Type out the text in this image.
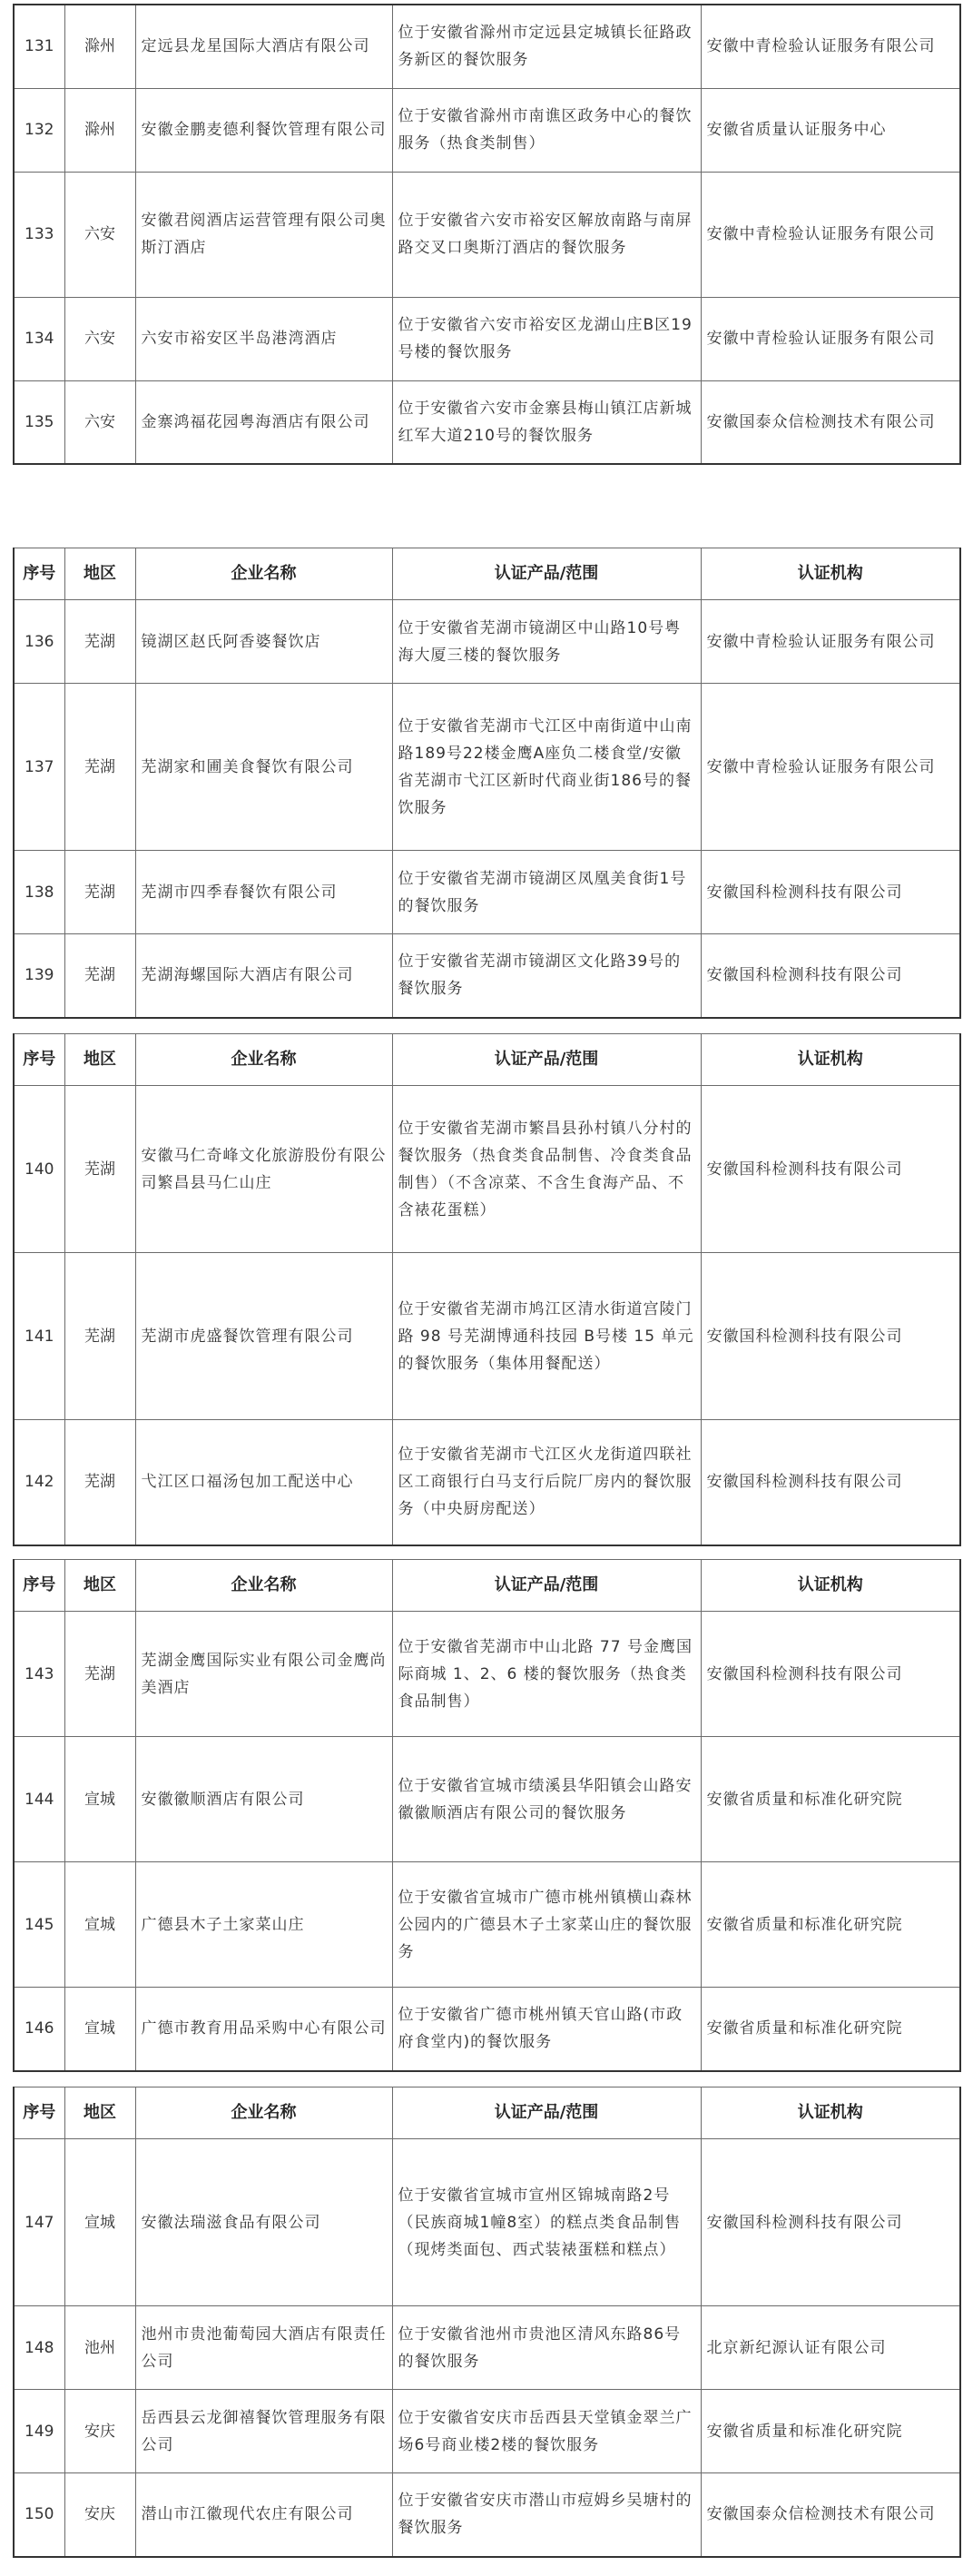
131	滁州	定远县龙星国际大酒店有限公司	位于安徽省滁州市定远县定城镇长征路政务新区的餐饮服务	安徽中青检验认证服务有限公司
132	滁州	安徽金鹏麦德利餐饮管理有限公司	位于安徽省滁州市南谯区政务中心的餐饮服务（热食类制售）	安徽省质量认证服务中心
133	六安	安徽君阅酒店运营管理有限公司奥斯汀酒店	位于安徽省六安市裕安区解放南路与南屏路交叉口奥斯汀酒店的餐饮服务	安徽中青检验认证服务有限公司
134	六安	六安市裕安区半岛港湾酒店	位于安徽省六安市裕安区龙湖山庄B区19号楼的餐饮服务	安徽中青检验认证服务有限公司
135	六安	金寨鸿福花园粤海酒店有限公司	位于安徽省六安市金寨县梅山镇江店新城红军大道210号的餐饮服务	安徽国泰众信检测技术有限公司
序号	地区	企业名称	认证产品/范围	认证机构
136	芜湖	镜湖区赵氏阿香婆餐饮店	位于安徽省芜湖市镜湖区中山路10号粤海大厦三楼的餐饮服务	安徽中青检验认证服务有限公司
137	芜湖	芜湖家和圃美食餐饮有限公司	位于安徽省芜湖市弋江区中南街道中山南路189号22楼金鹰A座负二楼食堂/安徽省芜湖市弋江区新时代商业街186号的餐饮服务	安徽中青检验认证服务有限公司
138	芜湖	芜湖市四季春餐饮有限公司	位于安徽省芜湖市镜湖区凤凰美食街1号的餐饮服务	安徽国科检测科技有限公司
139	芜湖	芜湖海螺国际大酒店有限公司	位于安徽省芜湖市镜湖区文化路39号的餐饮服务	安徽国科检测科技有限公司
序号	地区	企业名称	认证产品/范围	认证机构
140	芜湖	安徽马仁奇峰文化旅游股份有限公司繁昌县马仁山庄	位于安徽省芜湖市繁昌县孙村镇八分村的餐饮服务（热食类食品制售、冷食类食品制售）（不含凉菜、不含生食海产品、不含裱花蛋糕）	安徽国科检测科技有限公司
141	芜湖	芜湖市虎盛餐饮管理有限公司	位于安徽省芜湖市鸠江区清水街道宫陵门路 98 号芜湖博通科技园 B号楼 15 单元的餐饮服务（集体用餐配送）	安徽国科检测科技有限公司
142	芜湖	弋江区口福汤包加工配送中心	位于安徽省芜湖市弋江区火龙街道四联社区工商银行白马支行后院厂房内的餐饮服务（中央厨房配送）	安徽国科检测科技有限公司
序号	地区	企业名称	认证产品/范围	认证机构
143	芜湖	芜湖金鹰国际实业有限公司金鹰尚美酒店	位于安徽省芜湖市中山北路 77 号金鹰国际商城 1、2、6 楼的餐饮服务（热食类食品制售）	安徽国科检测科技有限公司
144	宣城	安徽徽顺酒店有限公司	位于安徽省宣城市绩溪县华阳镇会山路安徽徽顺酒店有限公司的餐饮服务	安徽省质量和标准化研究院
145	宣城	广德县木子土家菜山庄	位于安徽省宣城市广德市桃州镇横山森林公园内的广德县木子土家菜山庄的餐饮服务	安徽省质量和标准化研究院
146	宣城	广德市教育用品采购中心有限公司	位于安徽省广德市桃州镇天官山路(市政府食堂内)的餐饮服务	安徽省质量和标准化研究院
序号	地区	企业名称	认证产品/范围	认证机构
147	宣城	安徽法瑞滋食品有限公司	位于安徽省宣城市宣州区锦城南路2号（民族商城1幢8室）的糕点类食品制售（现烤类面包、西式装裱蛋糕和糕点）	安徽国科检测科技有限公司
148	池州	池州市贵池葡萄园大酒店有限责任公司	位于安徽省池州市贵池区清风东路86号的餐饮服务	北京新纪源认证有限公司
149	安庆	岳西县云龙御禧餐饮管理服务有限公司	位于安徽省安庆市岳西县天堂镇金翠兰广场6号商业楼2楼的餐饮服务	安徽省质量和标准化研究院
150	安庆	潜山市江徽现代农庄有限公司	位于安徽省安庆市潜山市痘姆乡吴塘村的餐饮服务	安徽国泰众信检测技术有限公司
